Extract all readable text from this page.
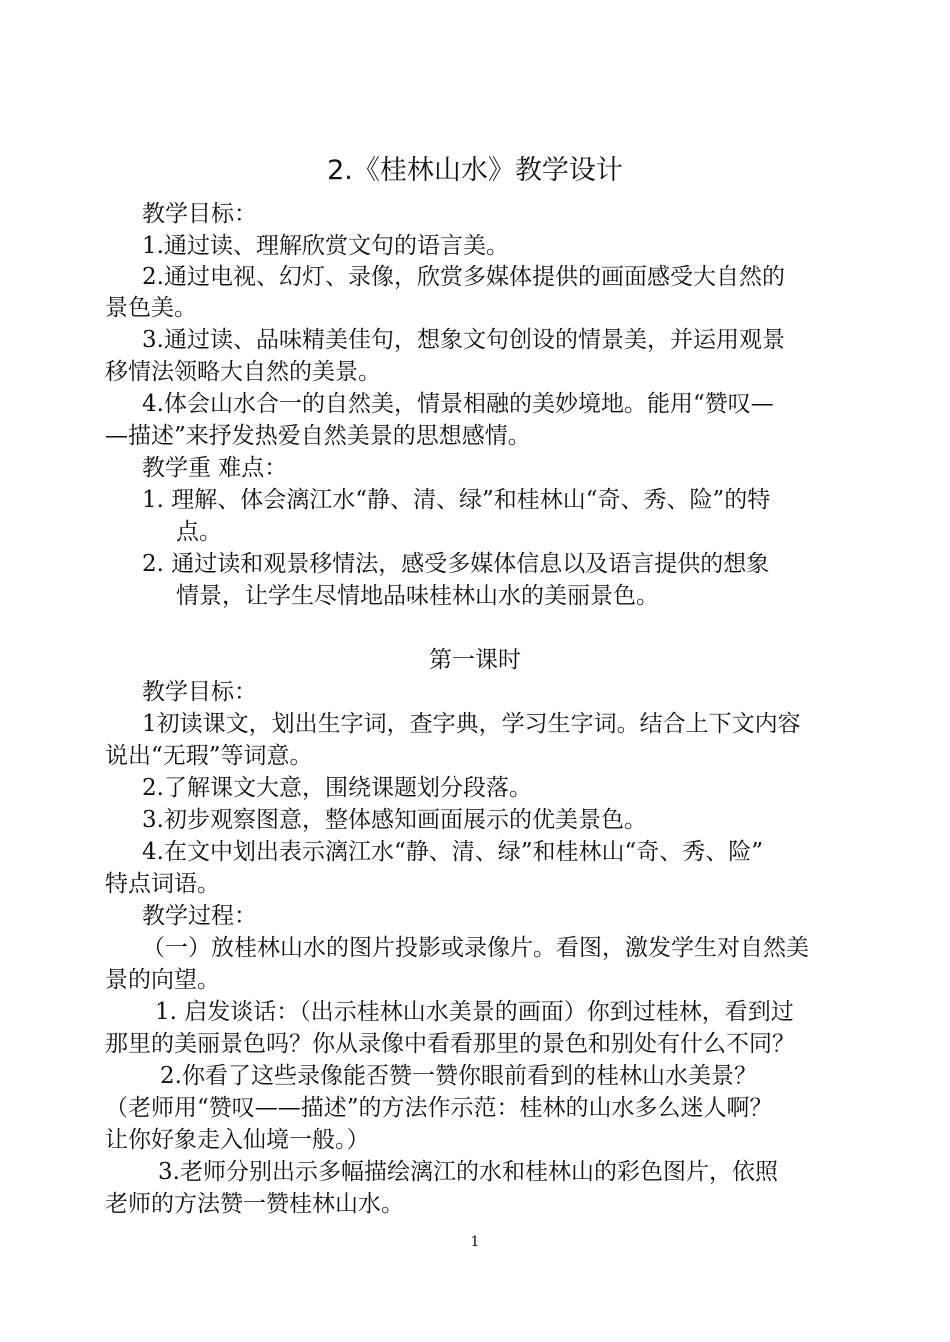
2.《桂林山水》教学设计
教学目标：
1.通过读、理解欣赏文句的语言美。
2.通过电视、幻灯、录像，欣赏多媒体提供的画面感受大自然的
景色美。
3.通过读、品味精美佳句，想象文句创设的情景美，并运用观景
移情法领略大自然的美景。
4.体会山水合一的自然美，情景相融的美妙境地。能用“赞叹—
—描述”来抒发热爱自然美景的思想感情。
教学重 难点：
1. 理解、体会漓江水“静、清、绿”和桂林山“奇、秀、险”的特
点。
2. 通过读和观景移情法，感受多媒体信息以及语言提供的想象
情景，让学生尽情地品味桂林山水的美丽景色。
第一课时
教学目标：
1初读课文，划出生字词，查字典，学习生字词。结合上下文内容
说出“无瑕”等词意。
2.了解课文大意，围绕课题划分段落。
3.初步观察图意，整体感知画面展示的优美景色。
4.在文中划出表示漓江水“静、清、绿”和桂林山“奇、秀、险”
特点词语。
教学过程：
（一）放桂林山水的图片投影或录像片。看图，激发学生对自然美
景的向望。
1. 启发谈话：（出示桂林山水美景的画面）你到过桂林，看到过
那里的美丽景色吗？你从录像中看看那里的景色和别处有什么不同？
2.你看了这些录像能否赞一赞你眼前看到的桂林山水美景？
（老师用“赞叹——描述”的方法作示范：桂林的山水多么迷人啊？
让你好象走入仙境一般。）
3.老师分别出示多幅描绘漓江的水和桂林山的彩色图片，依照
老师的方法赞一赞桂林山水。
1
